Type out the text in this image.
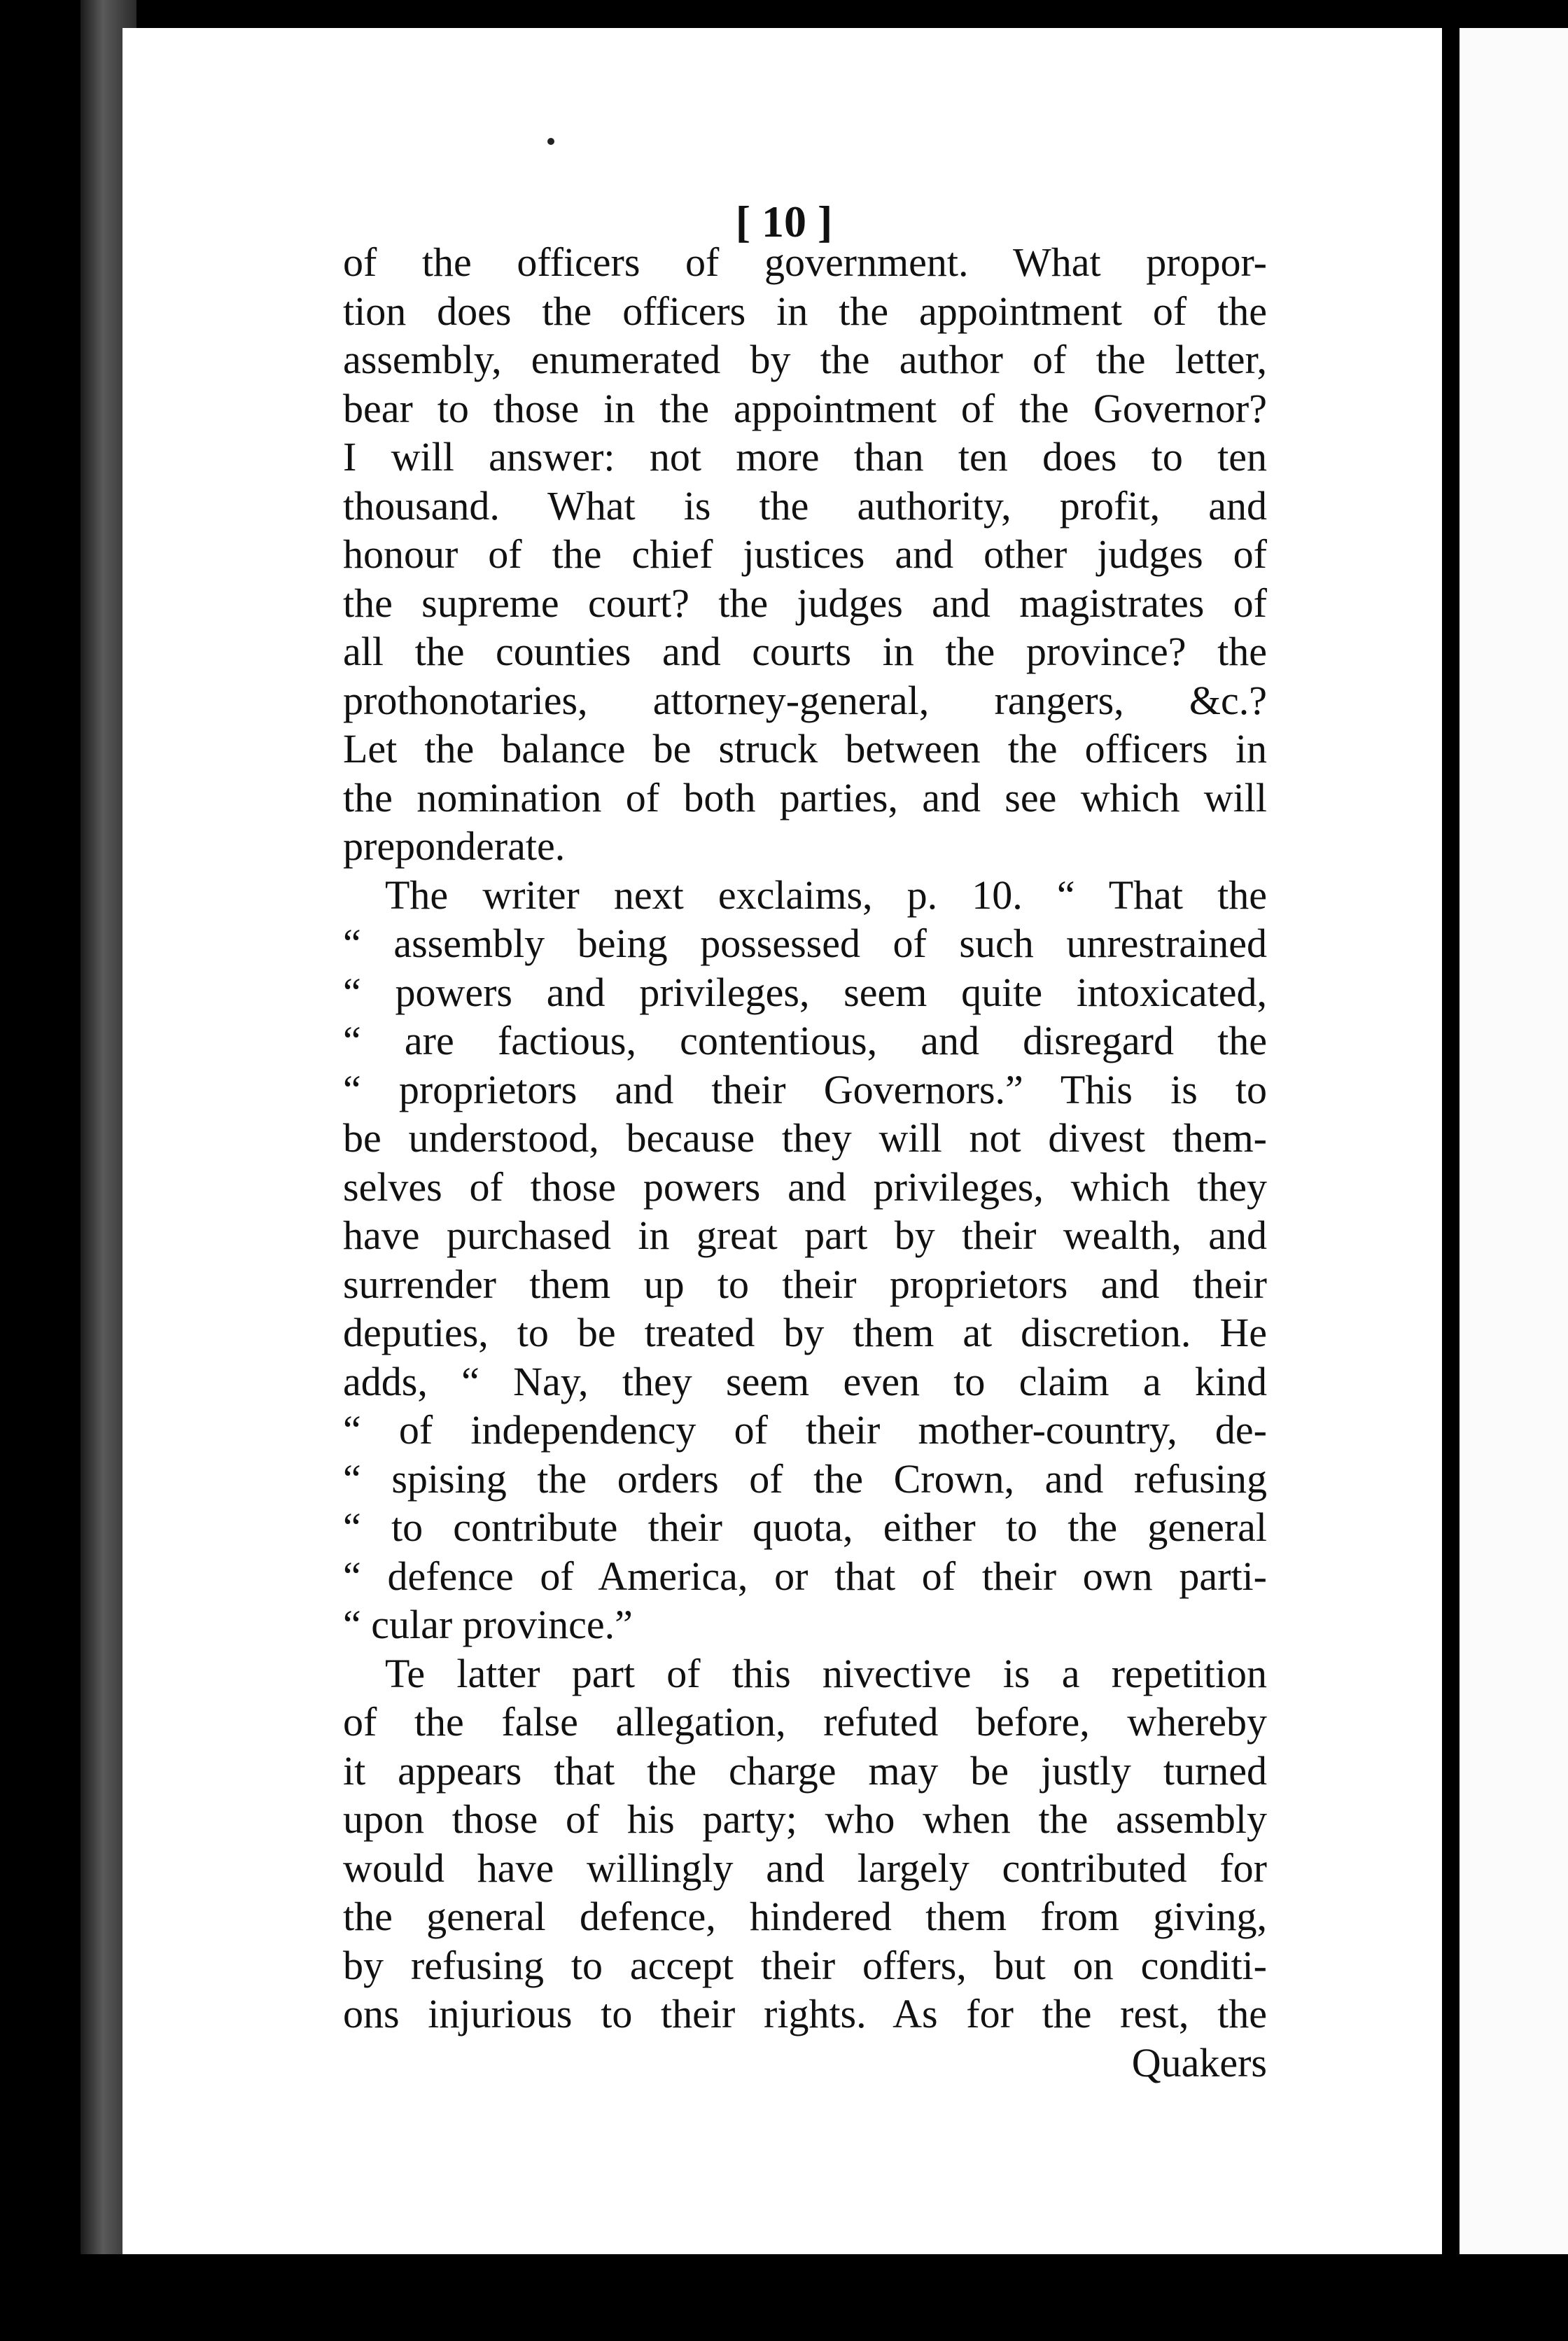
[ 10 ]
of the officers of government. What propor-
tion does the officers in the appointment of the
assembly, enumerated by the author of the letter,
bear to those in the appointment of the Governor?
I will answer: not more than ten does to ten
thousand. What is the authority, profit, and
honour of the chief justices and other judges of
the supreme court? the judges and magistrates of
all the counties and courts in the province? the
prothonotaries, attorney-general, rangers, &c.?
Let the balance be struck between the officers in
the nomination of both parties, and see which will
preponderate.
The writer next exclaims, p. 10. “ That the
“ assembly being possessed of such unrestrained
“ powers and privileges, seem quite intoxicated,
“ are factious, contentious, and disregard the
“ proprietors and their Governors.” This is to
be understood, because they will not divest them-
selves of those powers and privileges, which they
have purchased in great part by their wealth, and
surrender them up to their proprietors and their
deputies, to be treated by them at discretion. He
adds, “ Nay, they seem even to claim a kind
“ of independency of their mother-country, de-
“ spising the orders of the Crown, and refusing
“ to contribute their quota, either to the general
“ defence of America, or that of their own parti-
“ cular province.”
Te latter part of this nivective is a repetition
of the false allegation, refuted before, whereby
it appears that the charge may be justly turned
upon those of his party; who when the assembly
would have willingly and largely contributed for
the general defence, hindered them from giving,
by refusing to accept their offers, but on conditi-
ons injurious to their rights. As for the rest, the
Quakers
